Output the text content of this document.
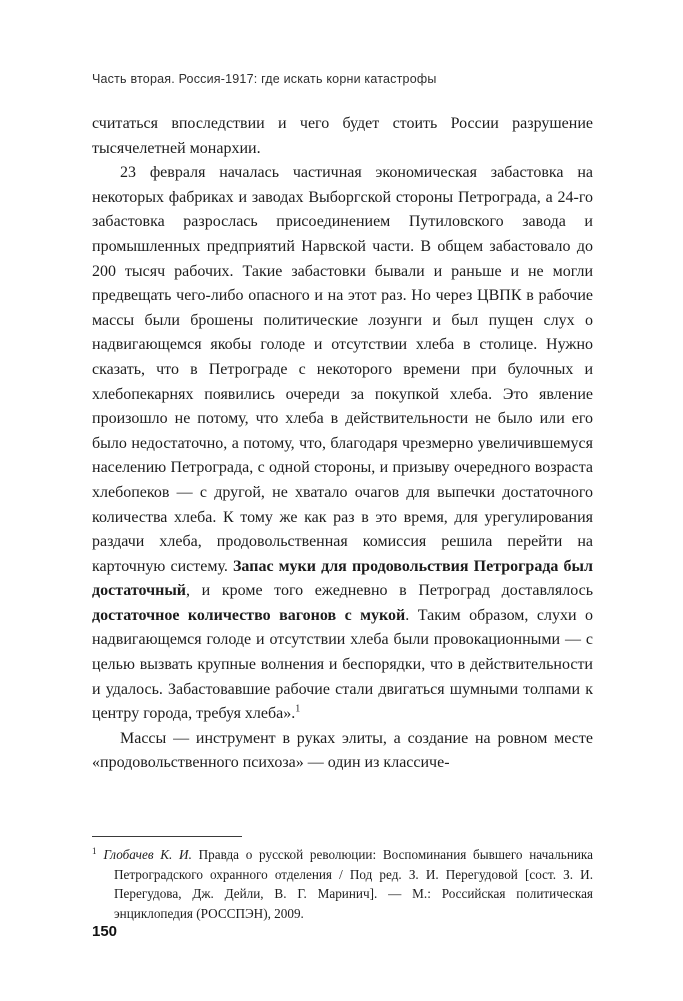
Часть вторая. Россия-1917: где искать корни катастрофы

считаться впоследствии и чего будет стоить России разрушение тысячелетней монархии.

23 февраля началась частичная экономическая забастовка на некоторых фабриках и заводах Выборгской стороны Петрограда, а 24-го забастовка разрослась присоединением Путиловского завода и промышленных предприятий Нарвской части. В общем забастовало до 200 тысяч рабочих. Такие забастовки бывали и раньше и не могли предвещать чего-либо опасного и на этот раз. Но через ЦВПК в рабочие массы были брошены политические лозунги и был пущен слух о надвигающемся якобы голоде и отсутствии хлеба в столице. Нужно сказать, что в Петрограде с некоторого времени при булочных и хлебопекарнях появились очереди за покупкой хлеба. Это явление произошло не потому, что хлеба в действительности не было или его было недостаточно, а потому, что, благодаря чрезмерно увеличившемуся населению Петрограда, с одной стороны, и призыву очередного возраста хлебопеков — с другой, не хватало очагов для выпечки достаточного количества хлеба. К тому же как раз в это время, для урегулирования раздачи хлеба, продовольственная комиссия решила перейти на карточную систему. Запас муки для продовольствия Петрограда был достаточный, и кроме того ежедневно в Петроград доставлялось достаточное количество вагонов с мукой. Таким образом, слухи о надвигающемся голоде и отсутствии хлеба были провокационными — с целью вызвать крупные волнения и беспорядки, что в действительности и удалось. Забастовавшие рабочие стали двигаться шумными толпами к центру города, требуя хлеба».$^1$

Массы — инструмент в руках элиты, а создание на ровном месте «продовольственного психоза» — один из классиче-

$^1$ Глобачев К. И. Правда о русской революции: Воспоминания бывшего начальника Петроградского охранного отделения / Под ред. З. И. Перегудовой [сост. З. И. Перегудова, Дж. Дейли, В. Г. Маринич]. — М.: Российская политическая энциклопедия (РОССПЭН), 2009.
150
